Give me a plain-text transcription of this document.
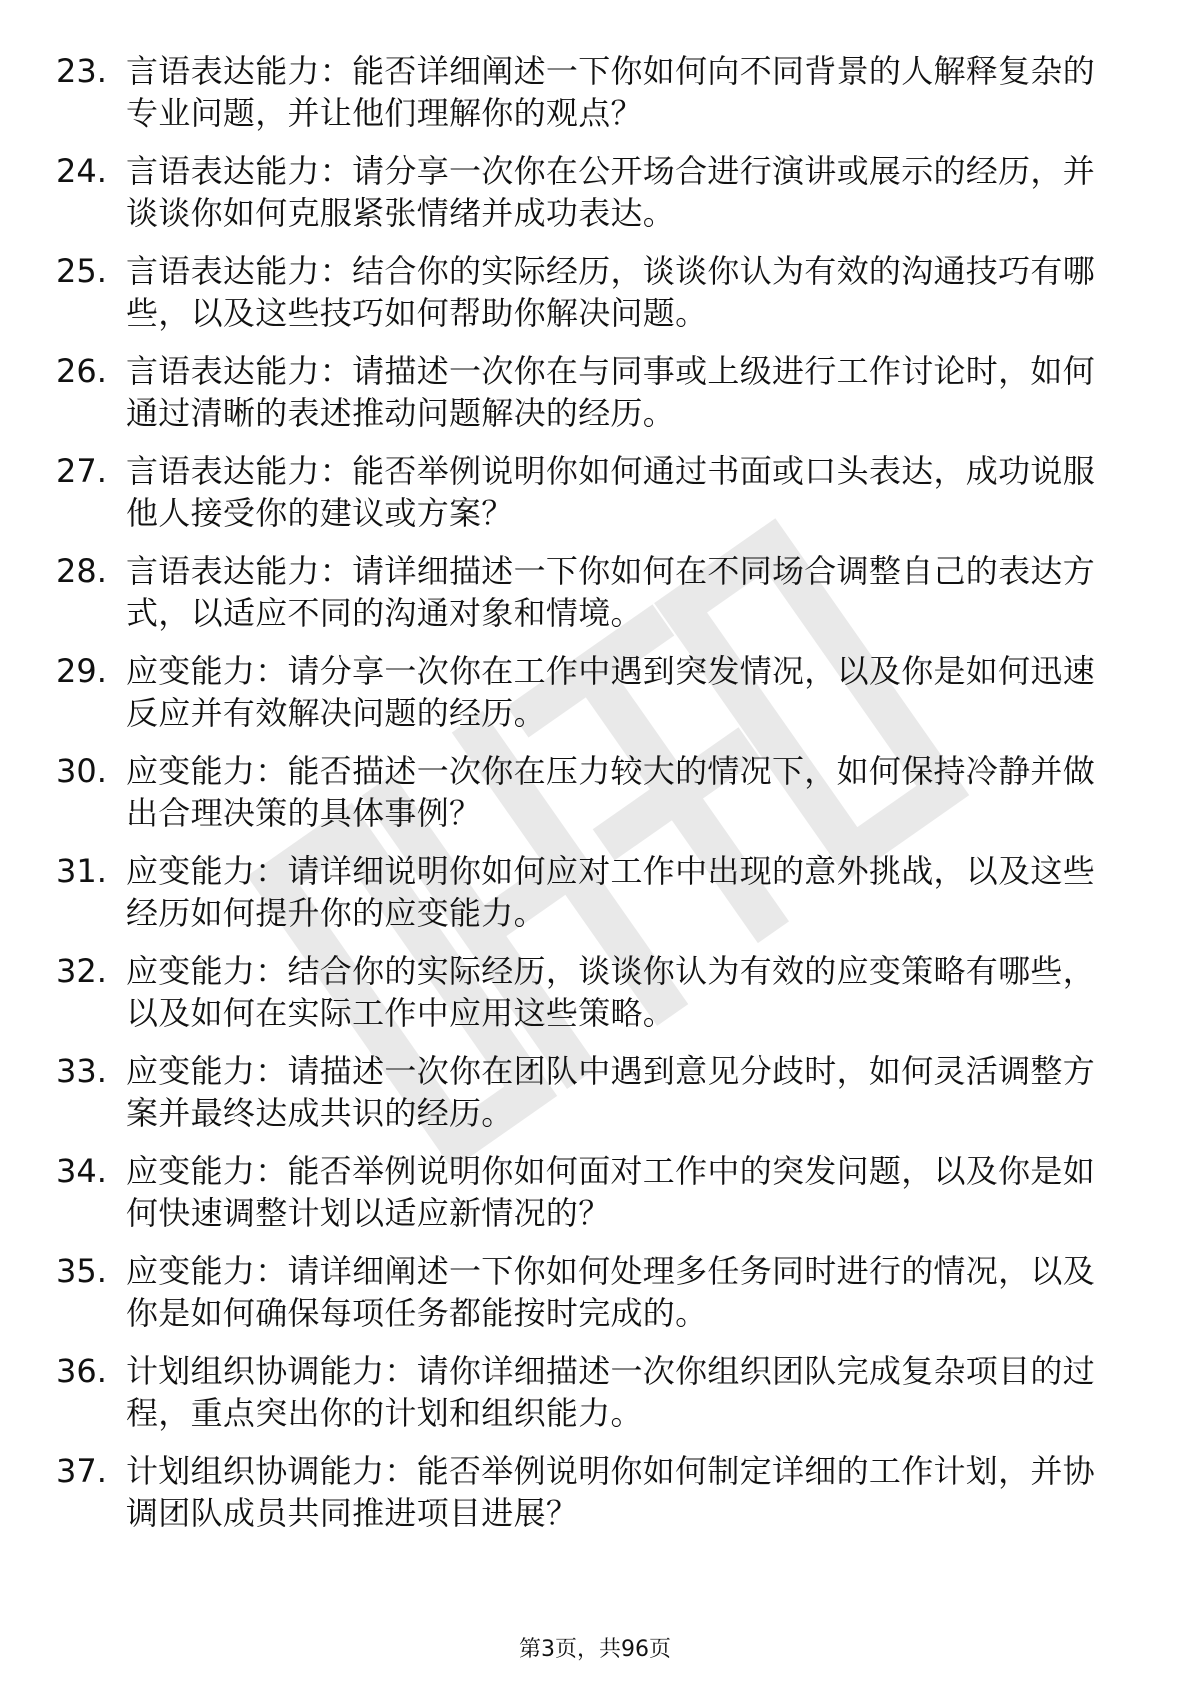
23. 言语表达能力：能否详细阐述一下你如何向不同背景的人解释复杂的专业问题，并让他们理解你的观点？
24. 言语表达能力：请分享一次你在公开场合进行演讲或展示的经历，并谈谈你如何克服紧张情绪并成功表达。
25. 言语表达能力：结合你的实际经历，谈谈你认为有效的沟通技巧有哪些，以及这些技巧如何帮助你解决问题。
26. 言语表达能力：请描述一次你在与同事或上级进行工作讨论时，如何通过清晰的表述推动问题解决的经历。
27. 言语表达能力：能否举例说明你如何通过书面或口头表达，成功说服他人接受你的建议或方案？
28. 言语表达能力：请详细描述一下你如何在不同场合调整自己的表达方式，以适应不同的沟通对象和情境。
29. 应变能力：请分享一次你在工作中遇到突发情况，以及你是如何迅速反应并有效解决问题的经历。
30. 应变能力：能否描述一次你在压力较大的情况下，如何保持冷静并做出合理决策的具体事例？
31. 应变能力：请详细说明你如何应对工作中出现的意外挑战，以及这些经历如何提升你的应变能力。
32. 应变能力：结合你的实际经历，谈谈你认为有效的应变策略有哪些，以及如何在实际工作中应用这些策略。
33. 应变能力：请描述一次你在团队中遇到意见分歧时，如何灵活调整方案并最终达成共识的经历。
34. 应变能力：能否举例说明你如何面对工作中的突发问题，以及你是如何快速调整计划以适应新情况的？
35. 应变能力：请详细阐述一下你如何处理多任务同时进行的情况，以及你是如何确保每项任务都能按时完成的。
36. 计划组织协调能力：请你详细描述一次你组织团队完成复杂项目的过程，重点突出你的计划和组织能力。
37. 计划组织协调能力：能否举例说明你如何制定详细的工作计划，并协调团队成员共同推进项目进展？
第3页，共96页
